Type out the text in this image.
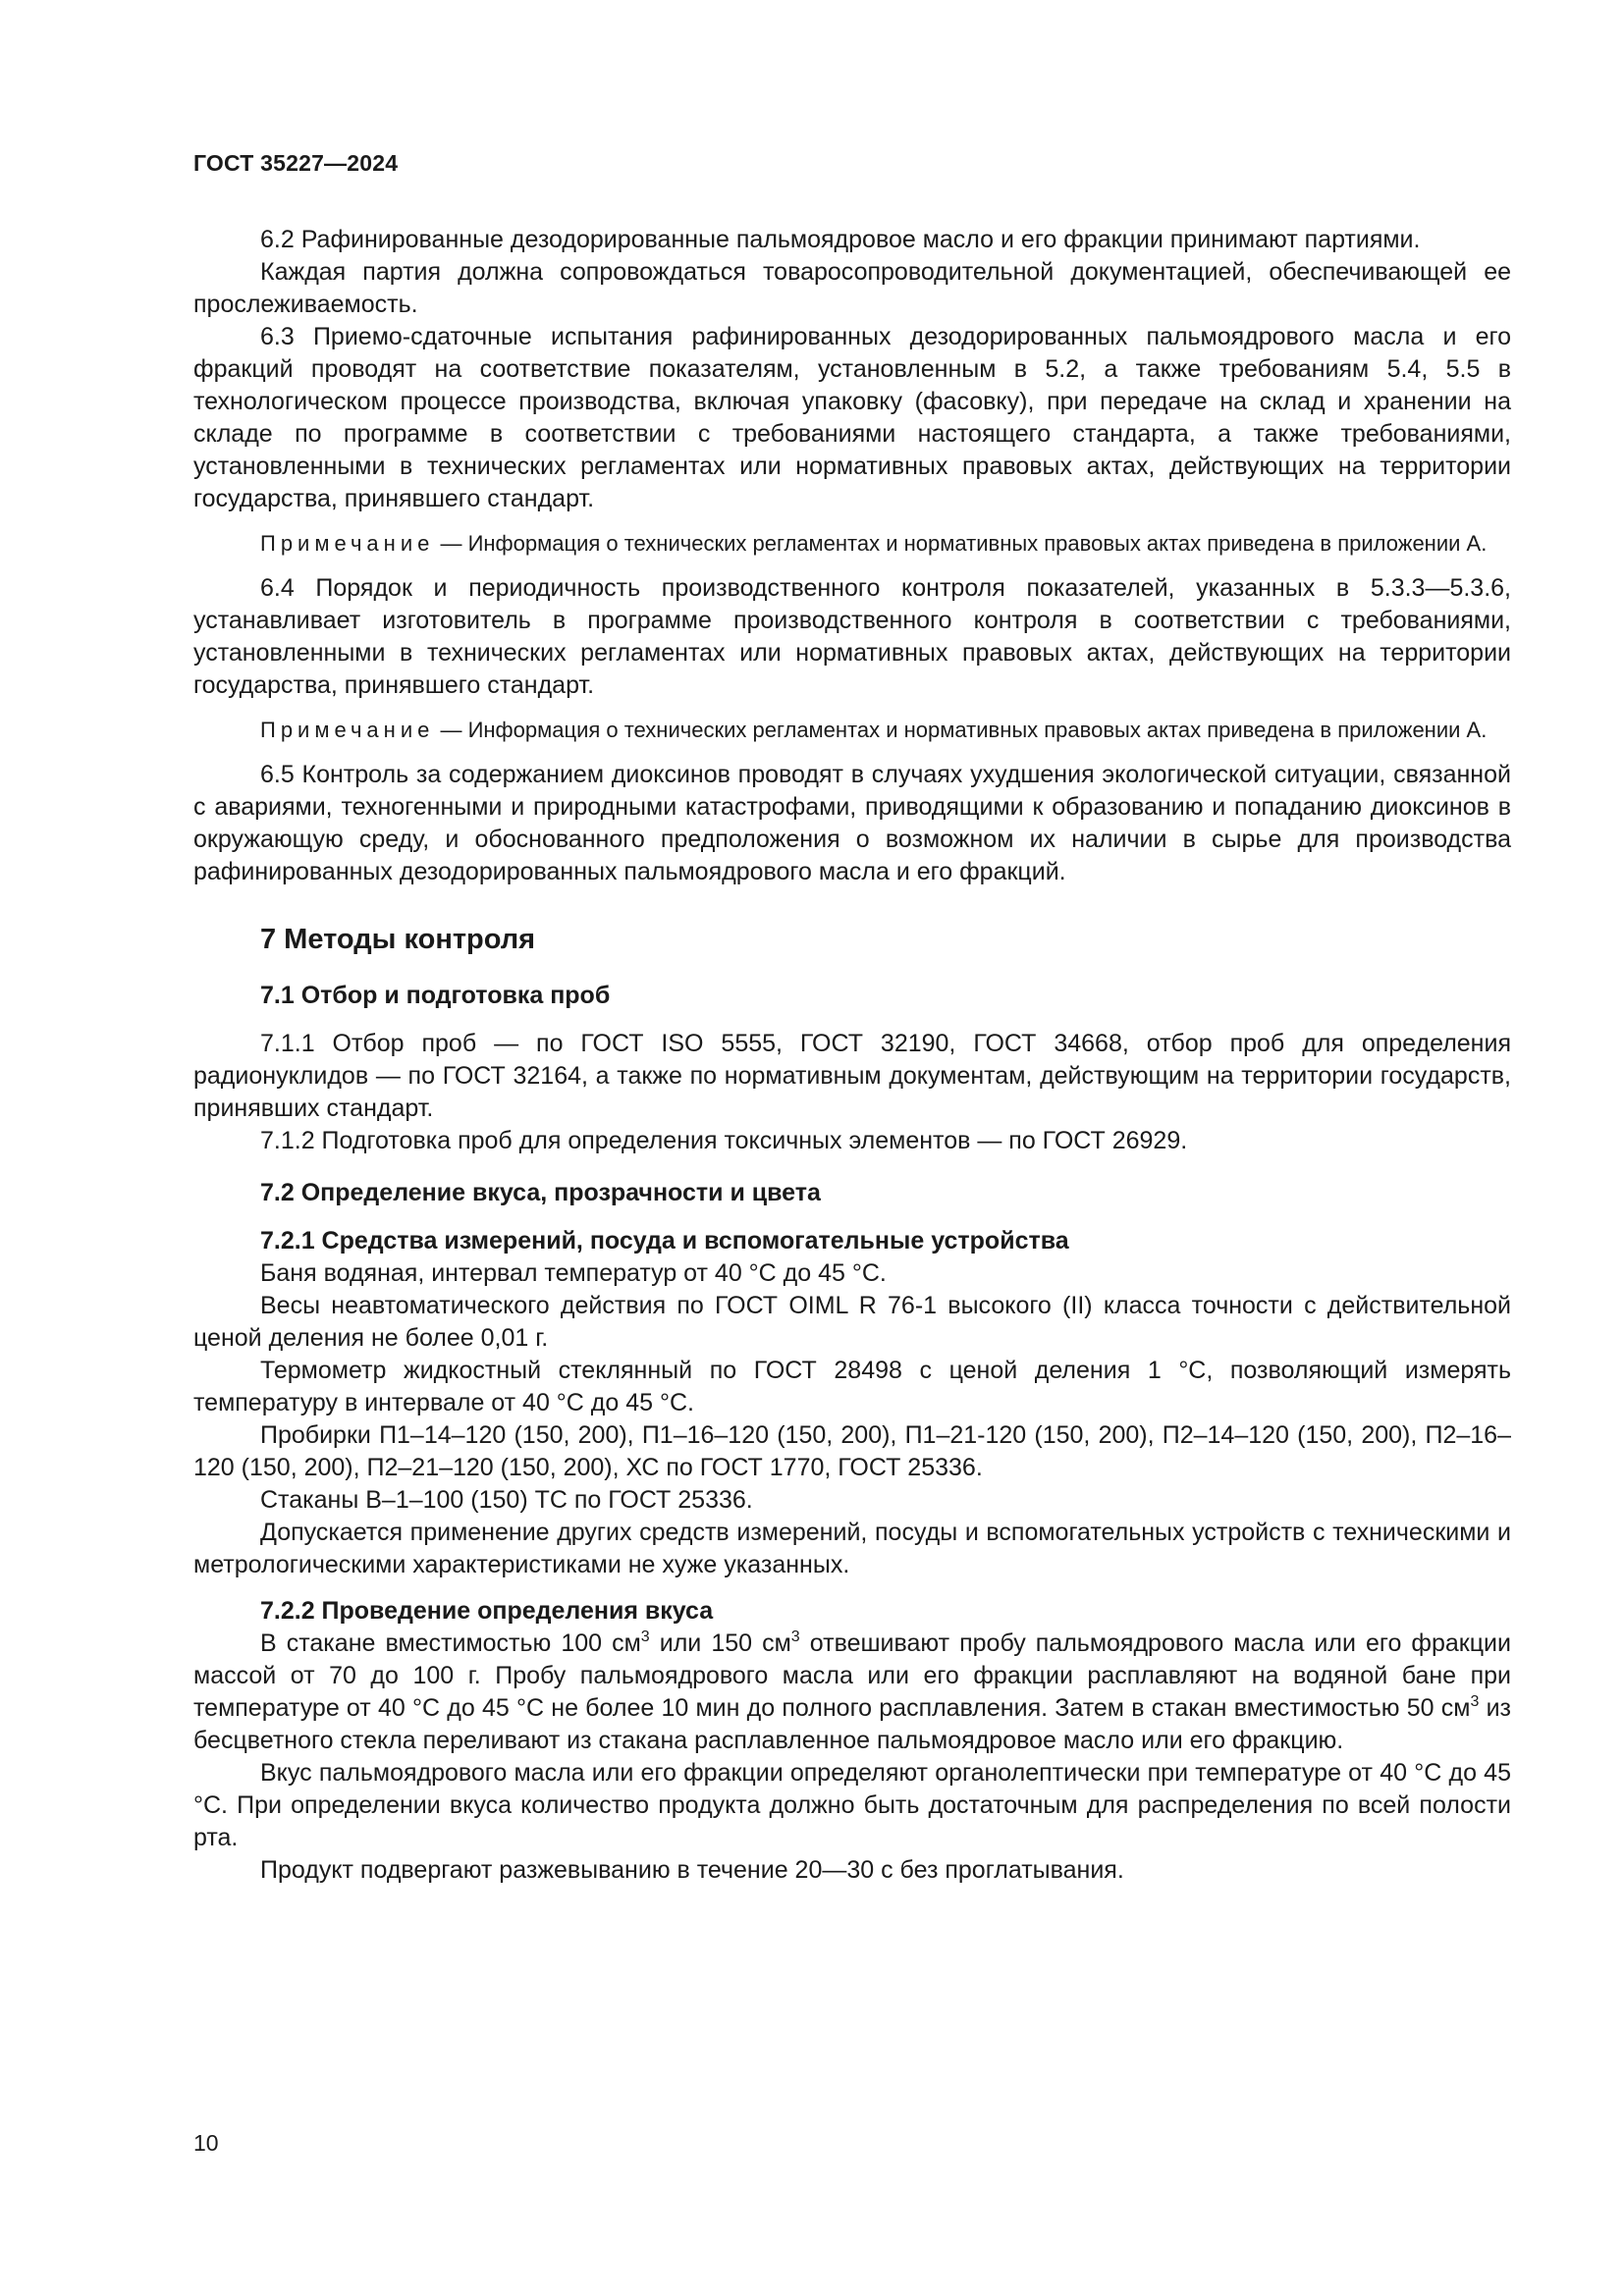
ГОСТ 35227—2024

6.2 Рафинированные дезодорированные пальмоядровое масло и его фракции принимают партиями.

Каждая партия должна сопровождаться товаросопроводительной документацией, обеспечивающей ее прослеживаемость.

6.3 Приемо-сдаточные испытания рафинированных дезодорированных пальмоядрового масла и его фракций проводят на соответствие показателям, установленным в 5.2, а также требованиям 5.4, 5.5 в технологическом процессе производства, включая упаковку (фасовку), при передаче на склад и хранении на складе по программе в соответствии с требованиями настоящего стандарта, а также требованиями, установленными в технических регламентах или нормативных правовых актах, действующих на территории государства, принявшего стандарт.

Примечание — Информация о технических регламентах и нормативных правовых актах приведена в приложении А.

6.4 Порядок и периодичность производственного контроля показателей, указанных в 5.3.3—5.3.6, устанавливает изготовитель в программе производственного контроля в соответствии с требованиями, установленными в технических регламентах или нормативных правовых актах, действующих на территории государства, принявшего стандарт.

Примечание — Информация о технических регламентах и нормативных правовых актах приведена в приложении А.

6.5 Контроль за содержанием диоксинов проводят в случаях ухудшения экологической ситуации, связанной с авариями, техногенными и природными катастрофами, приводящими к образованию и попаданию диоксинов в окружающую среду, и обоснованного предположения о возможном их наличии в сырье для производства рафинированных дезодорированных пальмоядрового масла и его фракций.

7 Методы контроля
7.1 Отбор и подготовка проб

7.1.1 Отбор проб — по ГОСТ ISO 5555, ГОСТ 32190, ГОСТ 34668, отбор проб для определения радионуклидов — по ГОСТ 32164, а также по нормативным документам, действующим на территории государств, принявших стандарт.

7.1.2 Подготовка проб для определения токсичных элементов — по ГОСТ 26929.

7.2 Определение вкуса, прозрачности и цвета
7.2.1 Средства измерений, посуда и вспомогательные устройства

Баня водяная, интервал температур от 40 °С до 45 °С.

Весы неавтоматического действия по ГОСТ OIML R 76-1 высокого (II) класса точности с действительной ценой деления не более 0,01 г.

Термометр жидкостный стеклянный по ГОСТ 28498 с ценой деления 1 °С, позволяющий измерять температуру в интервале от 40 °С до 45 °С.

Пробирки П1–14–120 (150, 200), П1–16–120 (150, 200), П1–21-120 (150, 200), П2–14–120 (150, 200), П2–16–120 (150, 200), П2–21–120 (150, 200), ХС по ГОСТ 1770, ГОСТ 25336.

Стаканы В–1–100 (150) ТС по ГОСТ 25336.

Допускается применение других средств измерений, посуды и вспомогательных устройств с техническими и метрологическими характеристиками не хуже указанных.

7.2.2 Проведение определения вкуса

В стакане вместимостью 100 $см^3$ или 150 $см^3$ отвешивают пробу пальмоядрового масла или его фракции массой от 70 до 100 г. Пробу пальмоядрового масла или его фракции расплавляют на водяной бане при температуре от 40 °С до 45 °С не более 10 мин до полного расплавления. Затем в стакан вместимостью 50 $см^3$ из бесцветного стекла переливают из стакана расплавленное пальмоядровое масло или его фракцию.

Вкус пальмоядрового масла или его фракции определяют органолептически при температуре от 40 °С до 45 °С. При определении вкуса количество продукта должно быть достаточным для распределения по всей полости рта.

Продукт подвергают разжевыванию в течение 20—30 с без проглатывания.

10
